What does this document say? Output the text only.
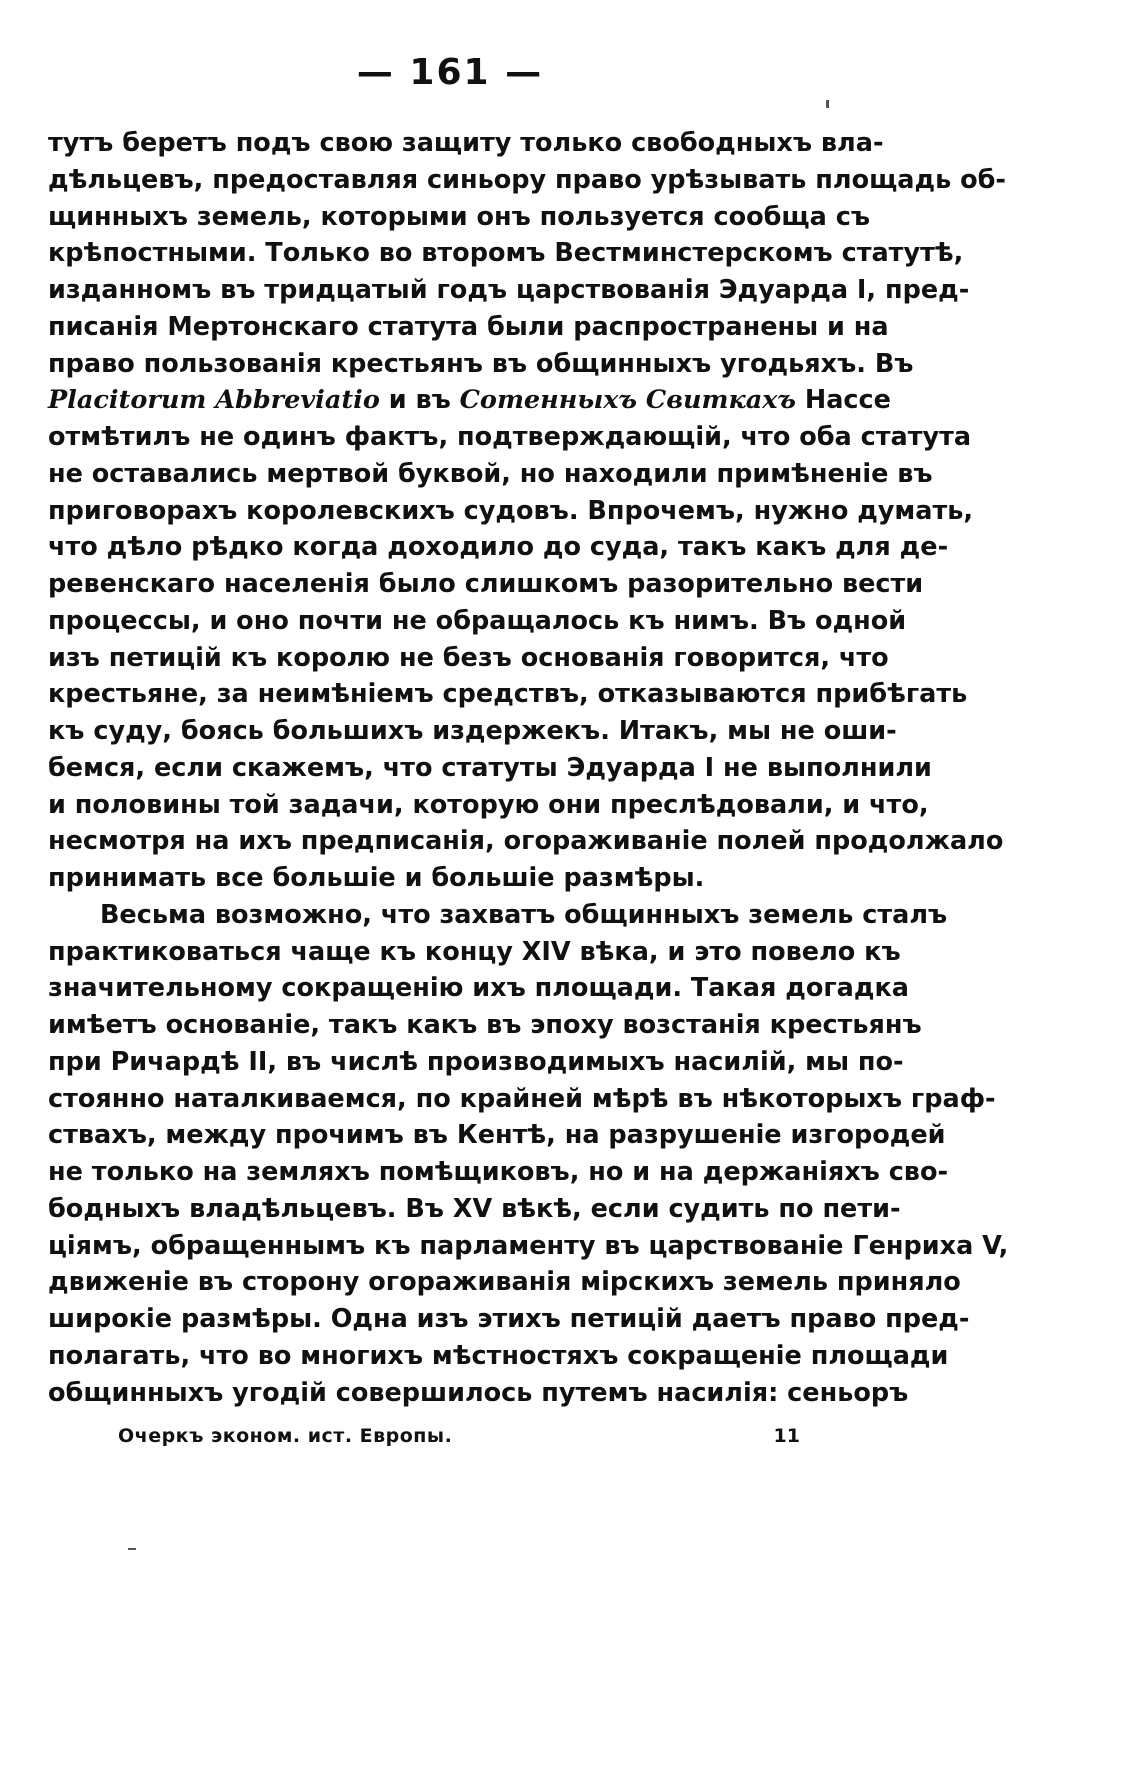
— 161 —
тутъ беретъ подъ свою защиту только свободныхъ вла-
дѣльцевъ, предоставляя синьору право урѣзывать площадь об-
щинныхъ земель, которыми онъ пользуется сообща съ
крѣпостными. Только во второмъ Вестминстерскомъ статутѣ,
изданномъ въ тридцатый годъ царствованія Эдуарда I, пред-
писанія Мертонскаго статута были распространены и на
право пользованія крестьянъ въ общинныхъ угодьяхъ. Въ
Placitorum Abbreviatio и въ Сотенныхъ Свиткахъ Нассе
отмѣтилъ не одинъ фактъ, подтверждающій, что оба статута
не оставались мертвой буквой, но находили примѣненіе въ
приговорахъ королевскихъ судовъ. Впрочемъ, нужно думать,
что дѣло рѣдко когда доходило до суда, такъ какъ для де-
ревенскаго населенія было слишкомъ разорительно вести
процессы, и оно почти не обращалось къ нимъ. Въ одной
изъ петицій къ королю не безъ основанія говорится, что
крестьяне, за неимѣніемъ средствъ, отказываются прибѣгать
къ суду, боясь большихъ издержекъ. Итакъ, мы не оши-
бемся, если скажемъ, что статуты Эдуарда I не выполнили
и половины той задачи, которую они преслѣдовали, и что,
несмотря на ихъ предписанія, огораживаніе полей продолжало
принимать все большіе и большіе размѣры.
Весьма возможно, что захватъ общинныхъ земель сталъ
практиковаться чаще къ концу XIV вѣка, и это повело къ
значительному сокращенію ихъ площади. Такая догадка
имѣетъ основаніе, такъ какъ въ эпоху возстанія крестьянъ
при Ричардѣ II, въ числѣ производимыхъ насилій, мы по-
стоянно наталкиваемся, по крайней мѣрѣ въ нѣкоторыхъ граф-
ствахъ, между прочимъ въ Кентѣ, на разрушеніе изгородей
не только на земляхъ помѣщиковъ, но и на держаніяхъ сво-
бодныхъ владѣльцевъ. Въ XV вѣкѣ, если судить по пети-
ціямъ, обращеннымъ къ парламенту въ царствованіе Генриха V,
движеніе въ сторону огораживанія мірскихъ земель приняло
широкіе размѣры. Одна изъ этихъ петицій даетъ право пред-
полагать, что во многихъ мѣстностяхъ сокращеніе площади
общинныхъ угодій совершилось путемъ насилія: сеньоръ
Очеркъ эконом. ист. Европы.	11
